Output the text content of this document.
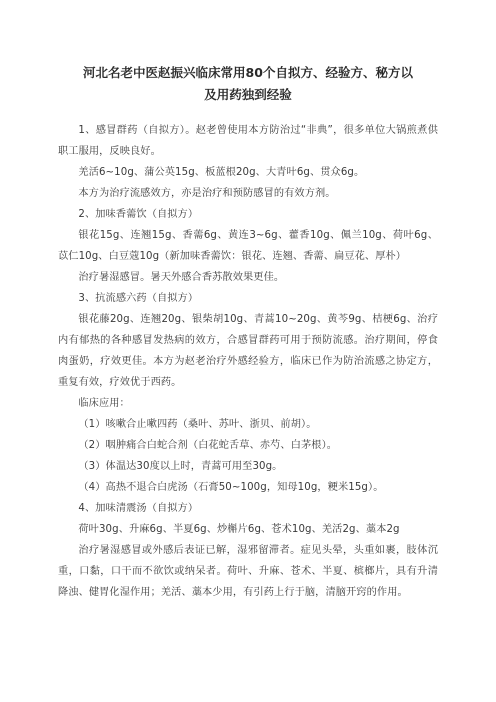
河北名老中医赵振兴临床常用80个自拟方、经验方、秘方以
及用药独到经验

1、感冒群药（自拟方）。赵老曾使用本方防治过“非典”，很多单位大锅煎煮供职工服用，反映良好。

羌活6~10g、蒲公英15g、板蓝根20g、大青叶6g、贯众6g。

本方为治疗流感效方，亦是治疗和预防感冒的有效方剂。

2、加味香薷饮（自拟方）

银花15g、连翘15g、香薷6g、黄连3~6g、藿香10g、佩兰10g、荷叶6g、苡仁10g、白豆蔻10g（新加味香薷饮：银花、连翘、香薷、扁豆花、厚朴）

治疗暑湿感冒。暑天外感合香苏散效果更佳。

3、抗流感六药（自拟方）

银花藤20g、连翘20g、银柴胡10g、青蒿10~20g、黄芩9g、桔梗6g、治疗内有郁热的各种感冒发热病的效方，合感冒群药可用于预防流感。治疗期间，停食肉蛋奶，疗效更佳。本方为赵老治疗外感经验方，临床已作为防治流感之协定方，重复有效，疗效优于西药。

临床应用：

（1）咳嗽合止嗽四药（桑叶、苏叶、浙贝、前胡）。

（2）咽肿痛合白蛇合剂（白花蛇舌草、赤芍、白茅根）。

（3）体温达30度以上时，青蒿可用至30g。

（4）高热不退合白虎汤（石膏50~100g，知母10g，粳米15g）。

4、加味清震汤（自拟方）

荷叶30g、升麻6g、半夏6g、炒槲片6g、苍术10g、羌活2g、藁本2g

治疗暑湿感冒或外感后表证已解，湿邪留滞者。症见头晕，头重如裹，肢体沉重，口黏，口干而不欲饮或纳呆者。荷叶、升麻、苍术、半夏、槟榔片，具有升清降浊、健胃化湿作用；羌活、藁本少用，有引药上行于脑，清脑开窍的作用。
